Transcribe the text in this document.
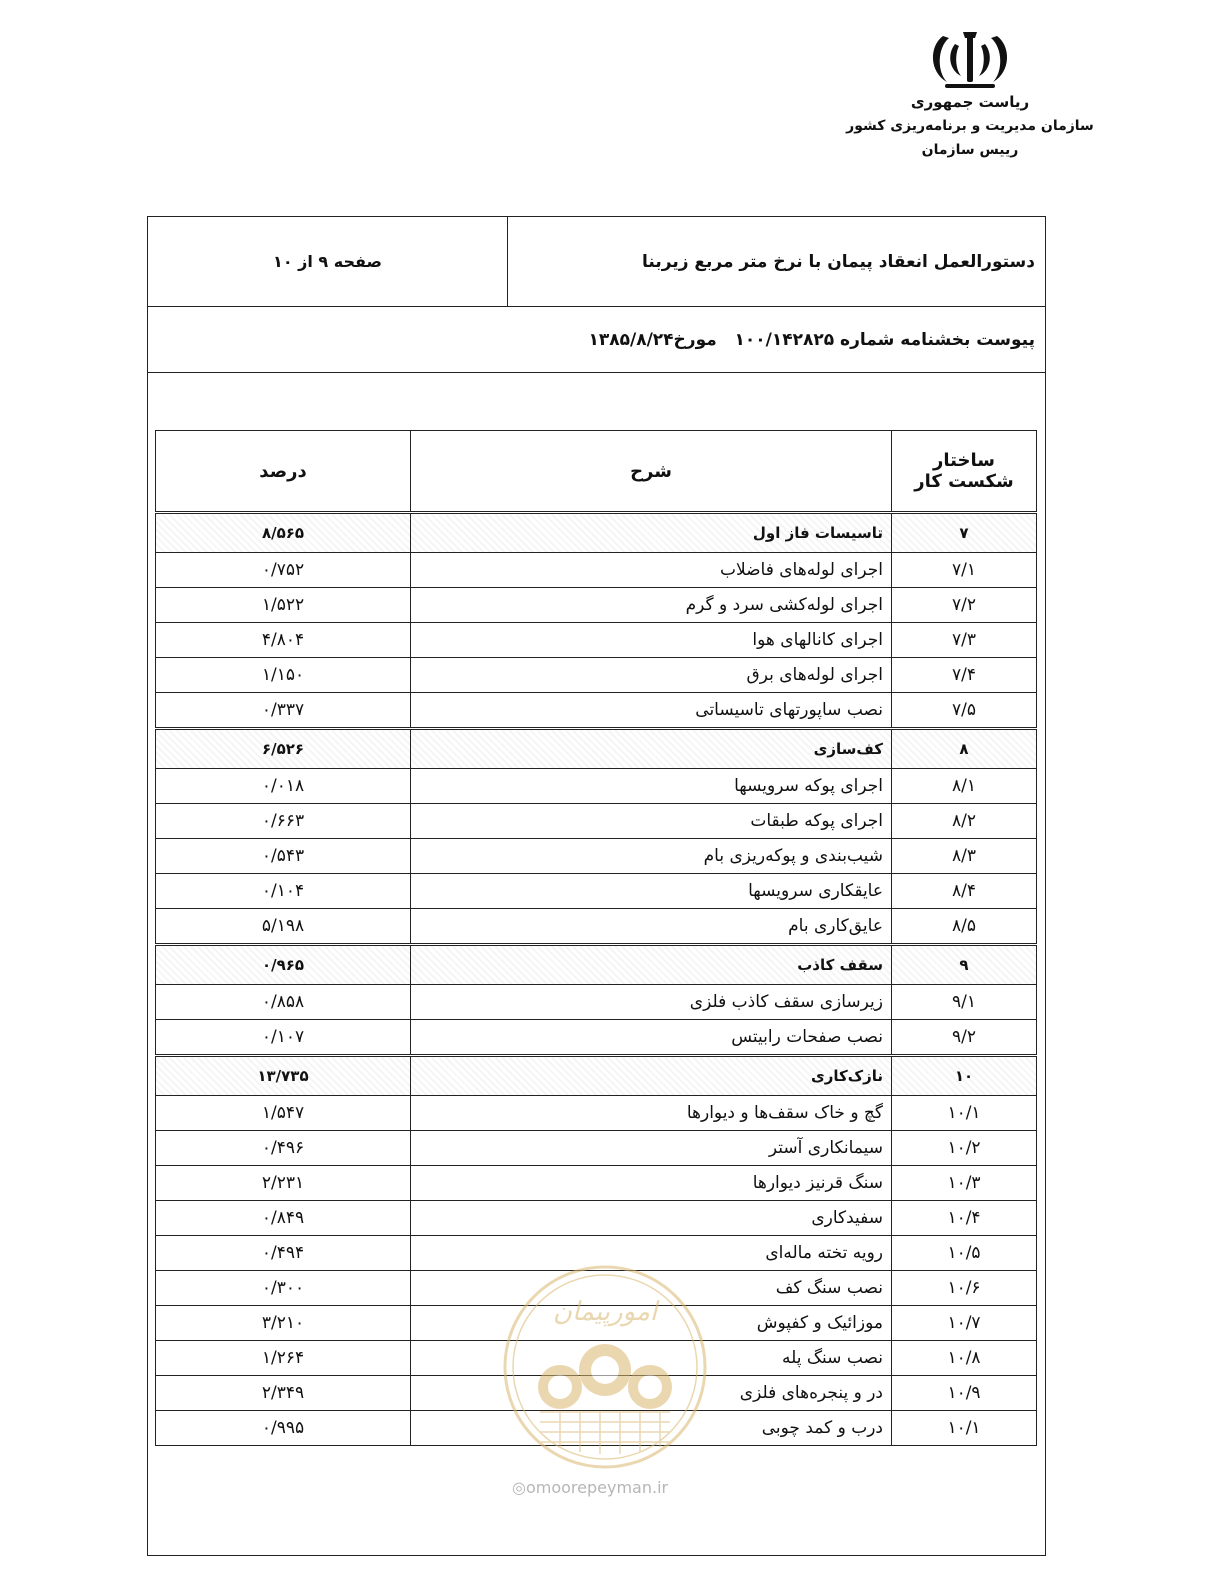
ریاست جمهوری
سازمان مدیریت و برنامه‌ریزی کشور
رییس سازمان
صفحه ۹ از ۱۰	دستورالعمل انعقاد پیمان با نرخ متر مربع زیربنا
پیوست بخشنامه شماره ۱۰۰/۱۴۲۸۲۵   مورخ۱۳۸۵/۸/۲۴
ساختار شکست کار	شرح	درصد
۷	تاسیسات فاز اول	۸/۵۶۵
۷/۱	اجرای لوله‌های فاضلاب	۰/۷۵۲
۷/۲	اجرای لوله‌کشی سرد و گرم	۱/۵۲۲
۷/۳	اجرای کانالهای هوا	۴/۸۰۴
۷/۴	اجرای لوله‌های برق	۱/۱۵۰
۷/۵	نصب ساپورتهای تاسیساتی	۰/۳۳۷
۸	کف‌سازی	۶/۵۲۶
۸/۱	اجرای پوکه سرویسها	۰/۰۱۸
۸/۲	اجرای پوکه طبقات	۰/۶۶۳
۸/۳	شیب‌بندی و پوکه‌ریزی بام	۰/۵۴۳
۸/۴	عایقکاری سرویسها	۰/۱۰۴
۸/۵	عایق‌کاری بام	۵/۱۹۸
۹	سقف کاذب	۰/۹۶۵
۹/۱	زیرسازی سقف کاذب فلزی	۰/۸۵۸
۹/۲	نصب صفحات رابیتس	۰/۱۰۷
۱۰	نازک‌کاری	۱۳/۷۳۵
۱۰/۱	گچ و خاک سقف‌ها و دیوارها	۱/۵۴۷
۱۰/۲	سیمانکاری آستر	۰/۴۹۶
۱۰/۳	سنگ قرنیز دیوارها	۲/۲۳۱
۱۰/۴	سفیدکاری	۰/۸۴۹
۱۰/۵	رویه تخته ماله‌ای	۰/۴۹۴
۱۰/۶	نصب سنگ کف	۰/۳۰۰
۱۰/۷	موزائیک و کفپوش	۳/۲۱۰
۱۰/۸	نصب سنگ پله	۱/۲۶۴
۱۰/۹	در و پنجره‌های فلزی	۲/۳۴۹
۱۰/۱	درب و کمد چوبی	۰/۹۹۵
امورپیمان
◎omoorepeyman.ir
